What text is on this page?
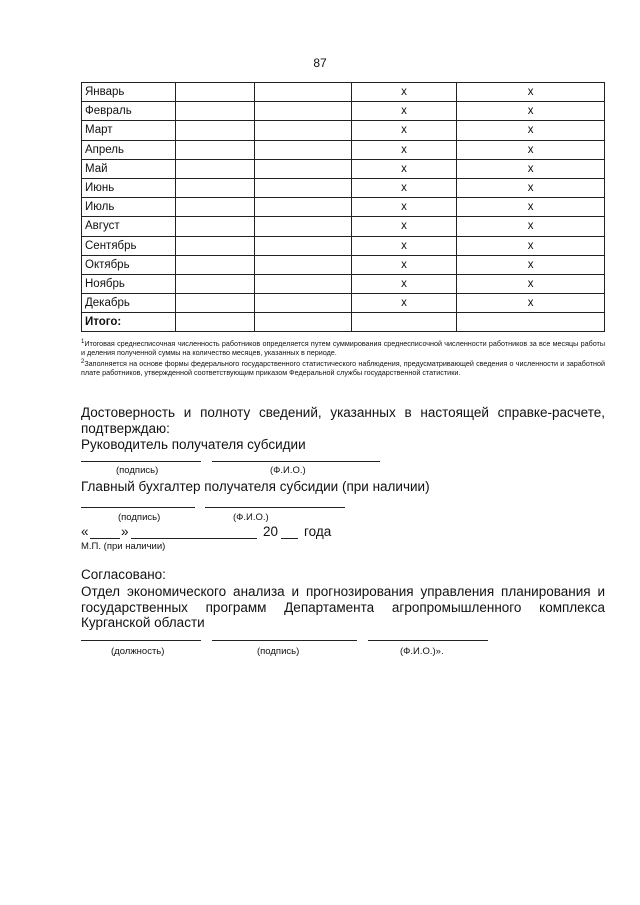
87
Январь			x	x
Февраль			x	x
Март			x	x
Апрель			x	x
Май			x	x
Июнь			x	x
Июль			x	x
Август			x	x
Сентябрь			x	x
Октябрь			x	x
Ноябрь			x	x
Декабрь			x	x
Итого:				
$^1$Итоговая среднесписочная численность работников определяется путем суммирования среднесписочной численности работников за все месяцы работы и деления полученной суммы на количество месяцев, указанных в периоде.
$^2$Заполняется на основе формы федерального государственного статистического наблюдения, предусматривающей сведения о численности и заработной плате работников, утвержденной соответствующим приказом Федеральной службы государственной статистики.
Достоверность и полноту сведений, указанных в настоящей справке-расчете,
подтверждаю:
Руководитель получателя субсидии
(подпись)	(Ф.И.О.)
Главный бухгалтер получателя субсидии (при наличии)
(подпись)	(Ф.И.О.)
« »	20 года
М.П. (при наличии)
Согласовано:
Отдел экономического анализа и прогнозирования управления планирования и
государственных программ Департамента агропромышленного комплекса
Курганской области
(должность)	(подпись)	(Ф.И.О.)».
